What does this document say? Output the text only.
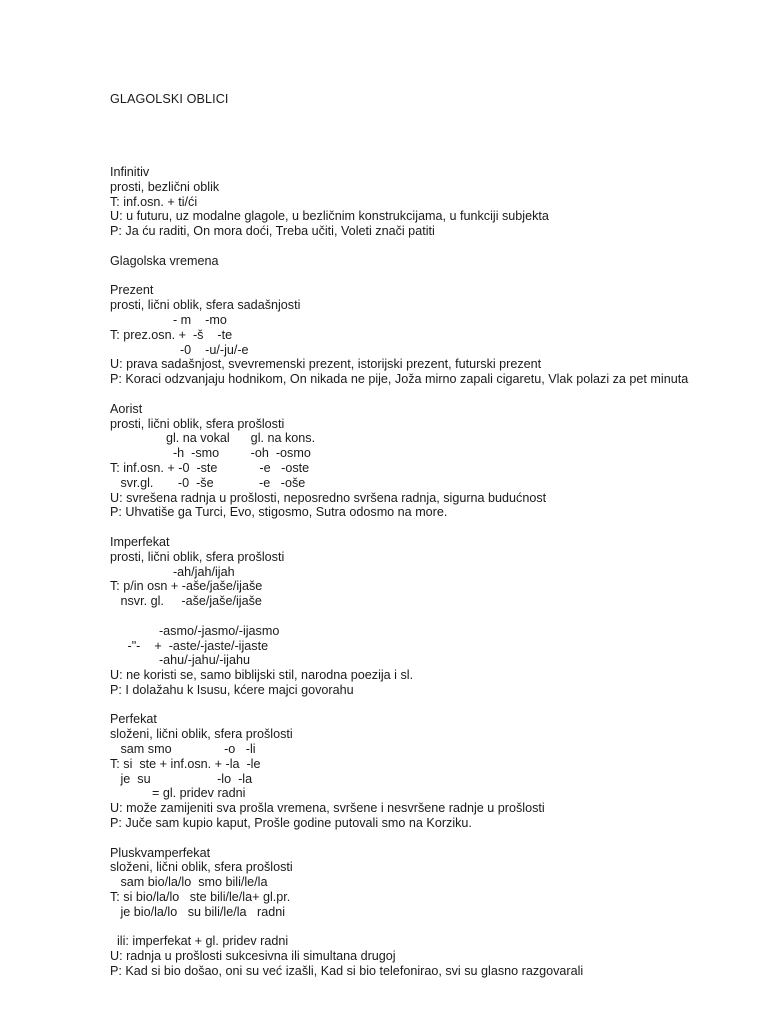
GLAGOLSKI OBLICI
Infinitiv
prosti, bezlični oblik
T: inf.osn. + ti/ći
U: u futuru, uz modalne glagole, u bezličnim konstrukcijama, u funkciji subjekta
P: Ja ću raditi, On mora doći, Treba učiti, Voleti znači patiti
Glagolska vremena
Prezent
prosti, lični oblik, sfera sadašnjosti
- m    -mo
T: prez.osn. +  -š    -te
-0    -u/-ju/-e
U: prava sadašnjost, svevremenski prezent, istorijski prezent, futurski prezent
P: Koraci odzvanjaju hodnikom, On nikada ne pije, Joža mirno zapali cigaretu, Vlak polazi za pet minuta
Aorist
prosti, lični oblik, sfera prošlosti
gl. na vokal      gl. na kons.
-h  -smo         -oh  -osmo
T: inf.osn. + -0  -ste            -e   -oste
svr.gl.       -0  -še             -e   -oše
U: svrešena radnja u prošlosti, neposredno svršena radnja, sigurna budućnost
P: Uhvatiše ga Turci, Evo, stigosmo, Sutra odosmo na more.
Imperfekat
prosti, lični oblik, sfera prošlosti
-ah/jah/ijah
T: p/in osn + -aše/jaše/ijaše
nsvr. gl.     -aše/jaše/ijaše
-asmo/-jasmo/-ijasmo
-"-    +  -aste/-jaste/-ijaste
-ahu/-jahu/-ijahu
U: ne koristi se, samo biblijski stil, narodna poezija i sl.
P: I dolažahu k Isusu, kćere majci govorahu
Perfekat
složeni, lični oblik, sfera prošlosti
sam smo               -o   -li
T: si  ste + inf.osn. + -la  -le
je  su                   -lo  -la
= gl. pridev radni
U: može zamijeniti sva prošla vremena, svršene i nesvršene radnje u prošlosti
P: Juče sam kupio kaput, Prošle godine putovali smo na Korziku.
Pluskvamperfekat
složeni, lični oblik, sfera prošlosti
sam bio/la/lo  smo bili/le/la
T: si bio/la/lo   ste bili/le/la+ gl.pr.
je bio/la/lo   su bili/le/la   radni
ili: imperfekat + gl. pridev radni
U: radnja u prošlosti sukcesivna ili simultana drugoj
P: Kad si bio došao, oni su već izašli, Kad si bio telefonirao, svi su glasno razgovarali
